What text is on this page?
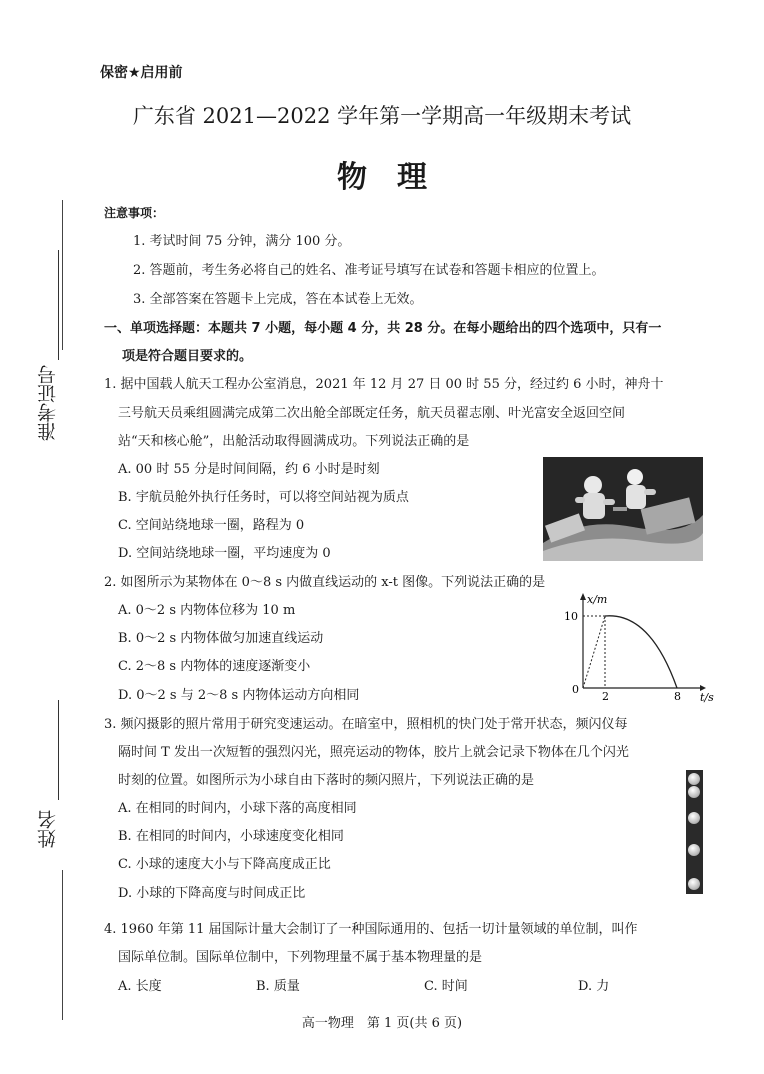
保密★启用前
广东省 2021—2022 学年第一学期高一年级期末考试
物理
准考证号
姓名
注意事项：
1. 考试时间 75 分钟，满分 100 分。
2. 答题前，考生务必将自己的姓名、准考证号填写在试卷和答题卡相应的位置上。
3. 全部答案在答题卡上完成，答在本试卷上无效。
一、单项选择题：本题共 7 小题，每小题 4 分，共 28 分。在每小题给出的四个选项中，只有一
项是符合题目要求的。
1. 据中国载人航天工程办公室消息，2021 年 12 月 27 日 00 时 55 分，经过约 6 小时，神舟十
三号航天员乘组圆满完成第二次出舱全部既定任务，航天员翟志刚、叶光富安全返回空间
站“天和核心舱”，出舱活动取得圆满成功。下列说法正确的是
A. 00 时 55 分是时间间隔，约 6 小时是时刻
B. 宇航员舱外执行任务时，可以将空间站视为质点
C. 空间站绕地球一圈，路程为 0
D. 空间站绕地球一圈，平均速度为 0
2. 如图所示为某物体在 0～8 s 内做直线运动的 x-t 图像。下列说法正确的是
A. 0～2 s 内物体位移为 10 m
B. 0～2 s 内物体做匀加速直线运动
C. 2～8 s 内物体的速度逐渐变小
D. 0～2 s 与 2～8 s 内物体运动方向相同
x/m
t/s
0
10
2	8
3. 频闪摄影的照片常用于研究变速运动。在暗室中，照相机的快门处于常开状态，频闪仪每
隔时间 T 发出一次短暂的强烈闪光，照亮运动的物体，胶片上就会记录下物体在几个闪光
时刻的位置。如图所示为小球自由下落时的频闪照片，下列说法正确的是
A. 在相同的时间内，小球下落的高度相同
B. 在相同的时间内，小球速度变化相同
C. 小球的速度大小与下降高度成正比
D. 小球的下降高度与时间成正比
4. 1960 年第 11 届国际计量大会制订了一种国际通用的、包括一切计量领域的单位制，叫作
国际单位制。国际单位制中，下列物理量不属于基本物理量的是
A. 长度	B. 质量	C. 时间	D. 力
高一物理　第 1 页(共 6 页)
